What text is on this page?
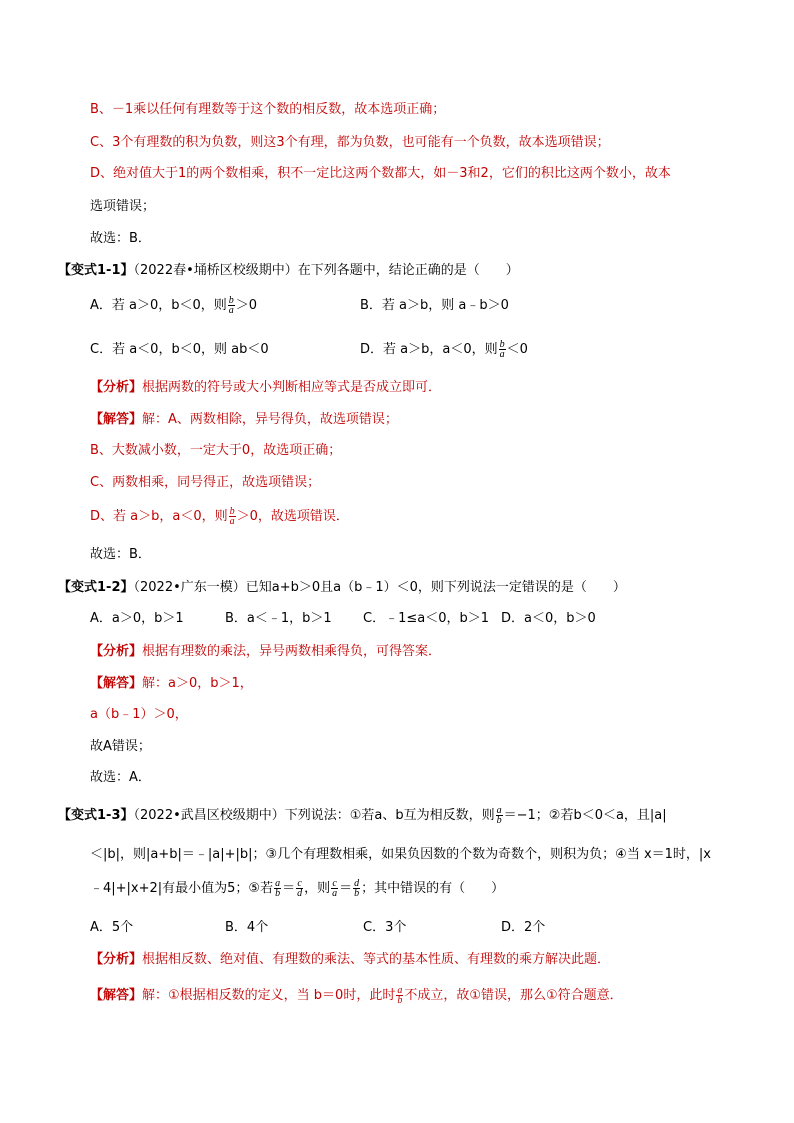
B、－1乘以任何有理数等于这个数的相反数，故本选项正确；
C、3个有理数的积为负数，则这3个有理，都为负数，也可能有一个负数，故本选项错误；
D、绝对值大于1的两个数相乘，积不一定比这两个数都大，如－3和2，它们的积比这两个数小，故本
选项错误；
故选：B．
【变式1-1】（2022春•埇桥区校级期中）在下列各题中，结论正确的是（　　）
A．若 a＞0，b＜0，则 $\frac{b}{a} >0$	B．若 a＞b，则 a﹣b＞0
C．若 a＜0，b＜0，则 ab＜0	D．若 a＞b，a＜0，则 $\frac{b}{a} <0$
【分析】根据两数的符号或大小判断相应等式是否成立即可．
【解答】解：A、两数相除，异号得负，故选项错误；
B、大数减小数，一定大于0，故选项正确；
C、两数相乘，同号得正，故选项错误；
D、若 a＞b，a＜0，则 $\frac{b}{a} >0$，故选项错误．
故选：B．
【变式1-2】（2022•广东一模）已知a+b＞0且a（b﹣1）＜0，则下列说法一定错误的是（　　）
A．a＞0，b＞1	B．a＜﹣1，b＞1 C．﹣1≤a＜0，b＞1 D．a＜0，b＞0
【分析】根据有理数的乘法，异号两数相乘得负，可得答案．
【解答】解：a＞0，b＞1，
a（b﹣1）＞0，
故A错误；
故选：A．
【变式1-3】（2022•武昌区校级期中）下列说法：①若a、b互为相反数，则 $\frac{a}{b} =-1$；②若b＜0＜a，且|a|
＜|b|，则|a+b|＝﹣|a|+|b|；③几个有理数相乘，如果负因数的个数为奇数个，则积为负；④当 x＝1时，|x
﹣4|+|x+2|有最小值为5；⑤若 $\frac{a}{b} = \frac{c}{d}$ ，则 $\frac{c}{a} = \frac{d}{b}$ ；其中错误的有（　　）
A．5个	B．4个	C．3个	D．2个
【分析】根据相反数、绝对值、有理数的乘法、等式的基本性质、有理数的乘方解决此题．
【解答】解：①根据相反数的定义，当 b＝0时，此时 $\frac{a}{b}$ 不成立，故①错误，那么①符合题意．
